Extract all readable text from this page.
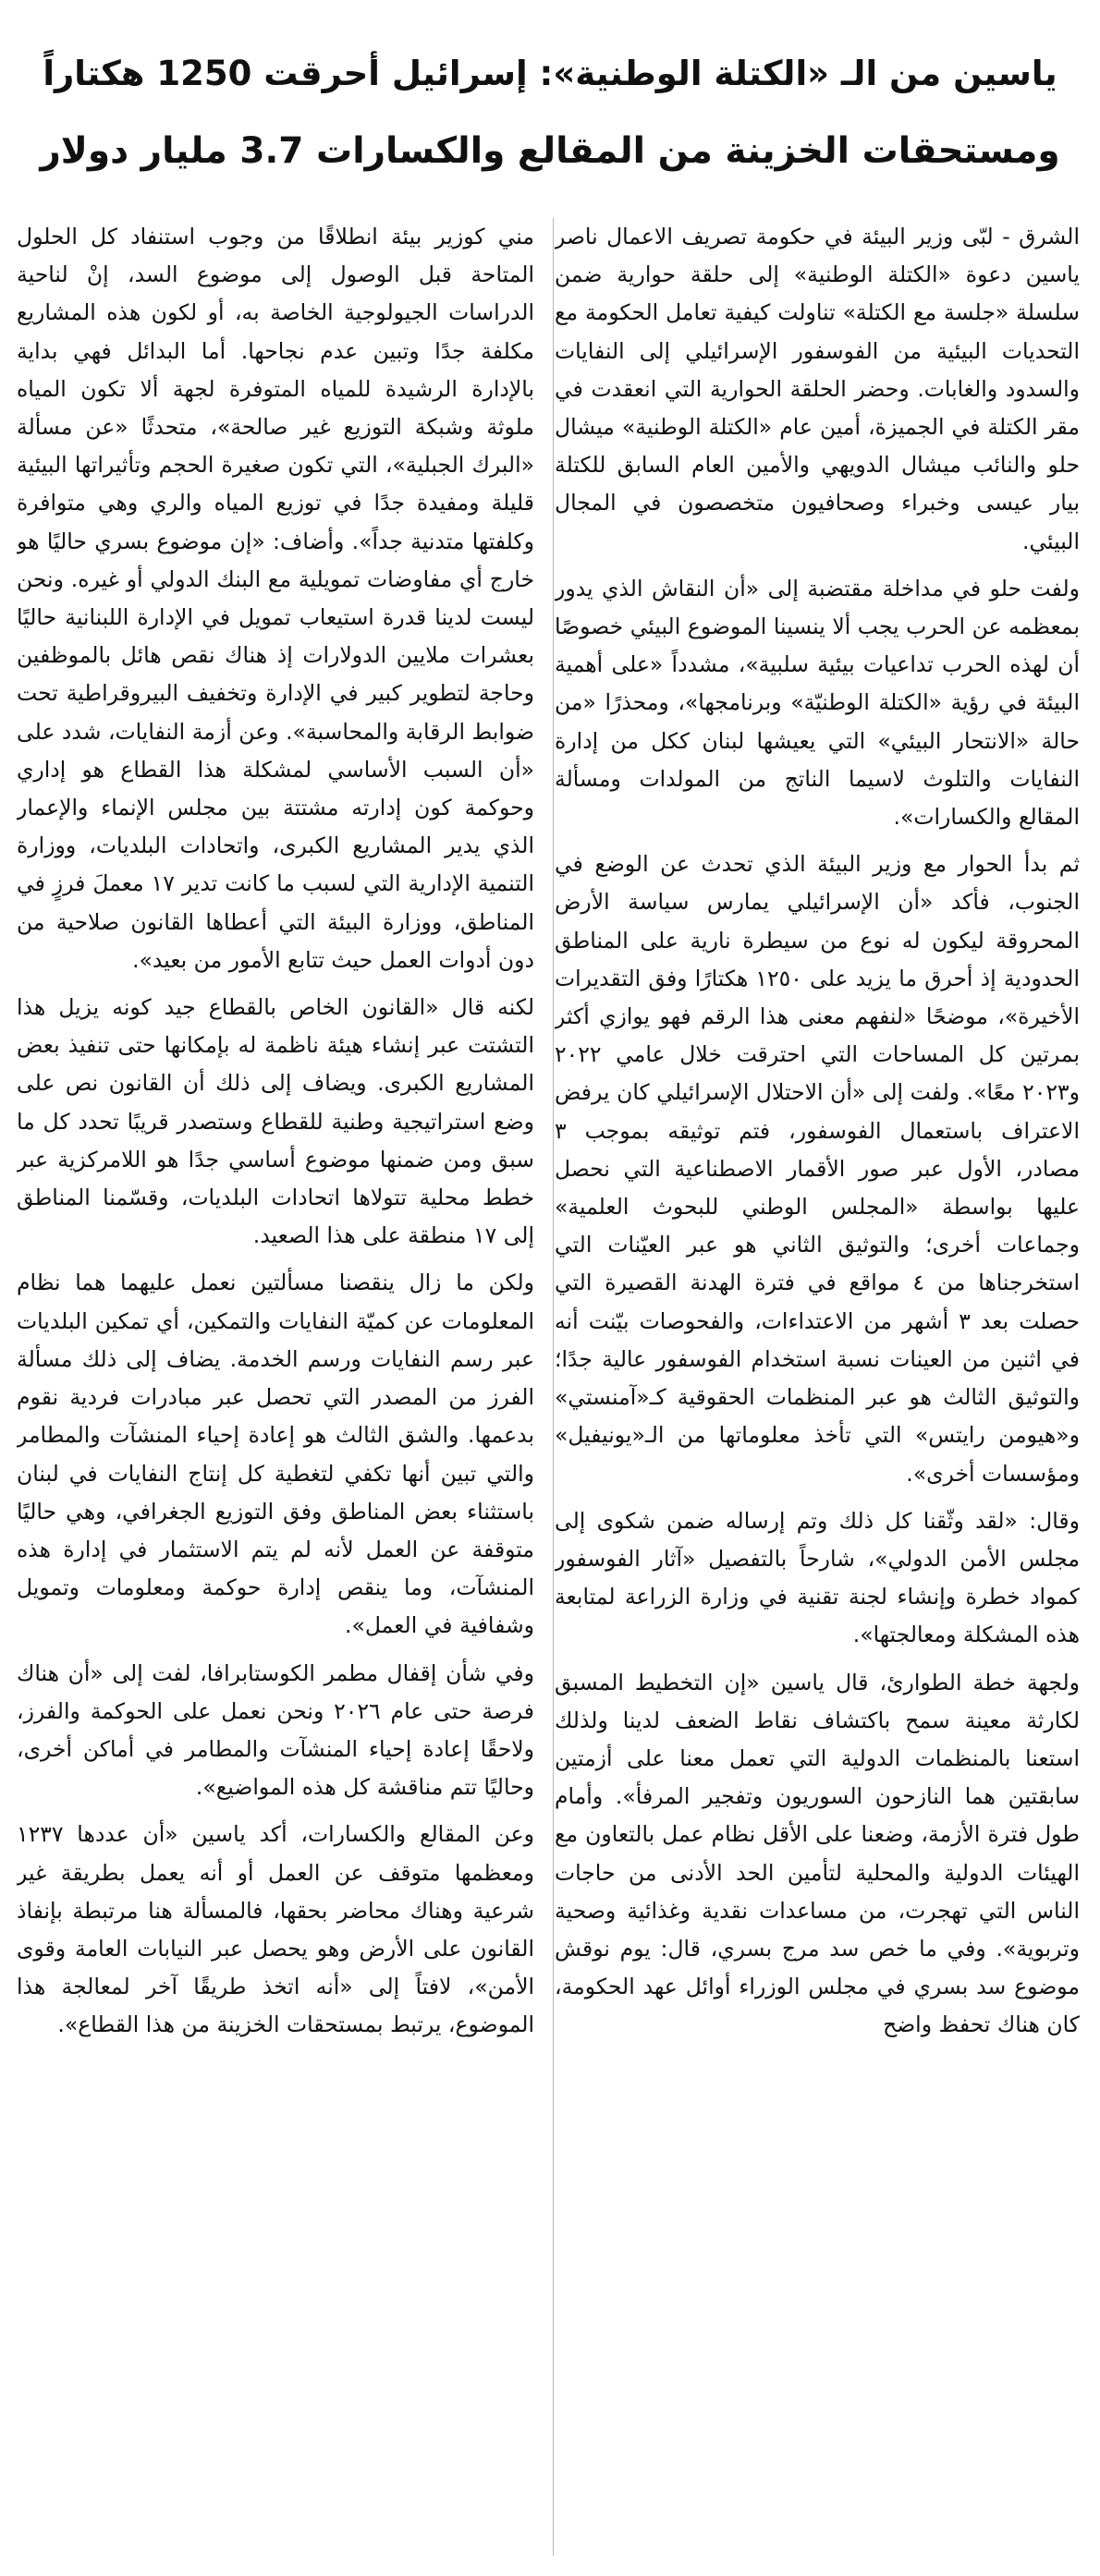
ياسين من الـ «الكتلة الوطنية»: إسرائيل أحرقت 1250 هكتاراً
ومستحقات الخزينة من المقالع والكسارات 3.7 مليار دولار

الشرق - لبّى وزير البيئة في حكومة تصريف الاعمال ناصر ياسين دعوة «الكتلة الوطنية» إلى حلقة حوارية ضمن سلسلة «جلسة مع الكتلة» تناولت كيفية تعامل الحكومة مع التحديات البيئية من الفوسفور الإسرائيلي إلى النفايات والسدود والغابات. وحضر الحلقة الحوارية التي انعقدت في مقر الكتلة في الجميزة، أمين عام «الكتلة الوطنية» ميشال حلو والنائب ميشال الدويهي والأمين العام السابق للكتلة بيار عيسى وخبراء وصحافيون متخصصون في المجال البيئي.

ولفت حلو في مداخلة مقتضبة إلى «أن النقاش الذي يدور بمعظمه عن الحرب يجب ألا ينسينا الموضوع البيئي خصوصًا أن لهذه الحرب تداعيات بيئية سلبية»، مشدداً «على أهمية البيئة في رؤية «الكتلة الوطنيّة» وبرنامجها»، ومحذرًا «من حالة «الانتحار البيئي» التي يعيشها لبنان ككل من إدارة النفايات والتلوث لاسيما الناتج من المولدات ومسألة المقالع والكسارات».

ثم بدأ الحوار مع وزير البيئة الذي تحدث عن الوضع في الجنوب، فأكد «أن الإسرائيلي يمارس سياسة الأرض المحروقة ليكون له نوع من سيطرة نارية على المناطق الحدودية إذ أحرق ما يزيد على ١٢٥٠ هكتارًا وفق التقديرات الأخيرة»، موضحًا «لنفهم معنى هذا الرقم فهو يوازي أكثر بمرتين كل المساحات التي احترقت خلال عامي ٢٠٢٢ و٢٠٢٣ معًا». ولفت إلى «أن الاحتلال الإسرائيلي كان يرفض الاعتراف باستعمال الفوسفور، فتم توثيقه بموجب ٣ مصادر، الأول عبر صور الأقمار الاصطناعية التي نحصل عليها بواسطة «المجلس الوطني للبحوث العلمية» وجماعات أخرى؛ والتوثيق الثاني هو عبر العيّنات التي استخرجناها من ٤ مواقع في فترة الهدنة القصيرة التي حصلت بعد ٣ أشهر من الاعتداءات، والفحوصات بيّنت أنه في اثنين من العينات نسبة استخدام الفوسفور عالية جدًا؛ والتوثيق الثالث هو عبر المنظمات الحقوقية كـ«آمنستي» و«هيومن رايتس» التي تأخذ معلوماتها من الـ«يونيفيل» ومؤسسات أخرى».

وقال: «لقد وثّقنا كل ذلك وتم إرساله ضمن شكوى إلى مجلس الأمن الدولي»، شارحاً بالتفصيل «آثار الفوسفور كمواد خطرة وإنشاء لجنة تقنية في وزارة الزراعة لمتابعة هذه المشكلة ومعالجتها».

ولجهة خطة الطوارئ، قال ياسين «إن التخطيط المسبق لكارثة معينة سمح باكتشاف نقاط الضعف لدينا ولذلك استعنا بالمنظمات الدولية التي تعمل معنا على أزمتين سابقتين هما النازحون السوريون وتفجير المرفأ». وأمام طول فترة الأزمة، وضعنا على الأقل نظام عمل بالتعاون مع الهيئات الدولية والمحلية لتأمين الحد الأدنى من حاجات الناس التي تهجرت، من مساعدات نقدية وغذائية وصحية وتربوية». وفي ما خص سد مرج بسري، قال: يوم نوقش موضوع سد بسري في مجلس الوزراء أوائل عهد الحكومة، كان هناك تحفظ واضح

مني كوزير بيئة انطلاقًا من وجوب استنفاد كل الحلول المتاحة قبل الوصول إلى موضوع السد، إنْ لناحية الدراسات الجيولوجية الخاصة به، أو لكون هذه المشاريع مكلفة جدًا وتبين عدم نجاحها. أما البدائل فهي بداية بالإدارة الرشيدة للمياه المتوفرة لجهة ألا تكون المياه ملوثة وشبكة التوزيع غير صالحة»، متحدثًا «عن مسألة «البرك الجبلية»، التي تكون صغيرة الحجم وتأثيراتها البيئية قليلة ومفيدة جدًا في توزيع المياه والري وهي متوافرة وكلفتها متدنية جداً». وأضاف: «إن موضوع بسري حاليًا هو خارج أي مفاوضات تمويلية مع البنك الدولي أو غيره. ونحن ليست لدينا قدرة استيعاب تمويل في الإدارة اللبنانية حاليًا بعشرات ملايين الدولارات إذ هناك نقص هائل بالموظفين وحاجة لتطوير كبير في الإدارة وتخفيف البيروقراطية تحت ضوابط الرقابة والمحاسبة». وعن أزمة النفايات، شدد على «أن السبب الأساسي لمشكلة هذا القطاع هو إداري وحوكمة كون إدارته مشتتة بين مجلس الإنماء والإعمار الذي يدير المشاريع الكبرى، واتحادات البلديات، ووزارة التنمية الإدارية التي لسبب ما كانت تدير ١٧ معملَ فرزٍ في المناطق، ووزارة البيئة التي أعطاها القانون صلاحية من دون أدوات العمل حيث تتابع الأمور من بعيد».

لكنه قال «القانون الخاص بالقطاع جيد كونه يزيل هذا التشتت عبر إنشاء هيئة ناظمة له بإمكانها حتى تنفيذ بعض المشاريع الكبرى. ويضاف إلى ذلك أن القانون نص على وضع استراتيجية وطنية للقطاع وستصدر قريبًا تحدد كل ما سبق ومن ضمنها موضوع أساسي جدًا هو اللامركزية عبر خطط محلية تتولاها اتحادات البلديات، وقسّمنا المناطق إلى ١٧ منطقة على هذا الصعيد.

ولكن ما زال ينقصنا مسألتين نعمل عليهما هما نظام المعلومات عن كميّة النفايات والتمكين، أي تمكين البلديات عبر رسم النفايات ورسم الخدمة. يضاف إلى ذلك مسألة الفرز من المصدر التي تحصل عبر مبادرات فردية نقوم بدعمها. والشق الثالث هو إعادة إحياء المنشآت والمطامر والتي تبين أنها تكفي لتغطية كل إنتاج النفايات في لبنان باستثناء بعض المناطق وفق التوزيع الجغرافي، وهي حاليًا متوقفة عن العمل لأنه لم يتم الاستثمار في إدارة هذه المنشآت، وما ينقص إدارة حوكمة ومعلومات وتمويل وشفافية في العمل».

وفي شأن إقفال مطمر الكوستابرافا، لفت إلى «أن هناك فرصة حتى عام ٢٠٢٦ ونحن نعمل على الحوكمة والفرز، ولاحقًا إعادة إحياء المنشآت والمطامر في أماكن أخرى، وحاليًا تتم مناقشة كل هذه المواضيع».

وعن المقالع والكسارات، أكد ياسين «أن عددها ١٢٣٧ ومعظمها متوقف عن العمل أو أنه يعمل بطريقة غير شرعية وهناك محاضر بحقها، فالمسألة هنا مرتبطة بإنفاذ القانون على الأرض وهو يحصل عبر النيابات العامة وقوى الأمن»، لافتاً إلى «أنه اتخذ طريقًا آخر لمعالجة هذا الموضوع، يرتبط بمستحقات الخزينة من هذا القطاع».
